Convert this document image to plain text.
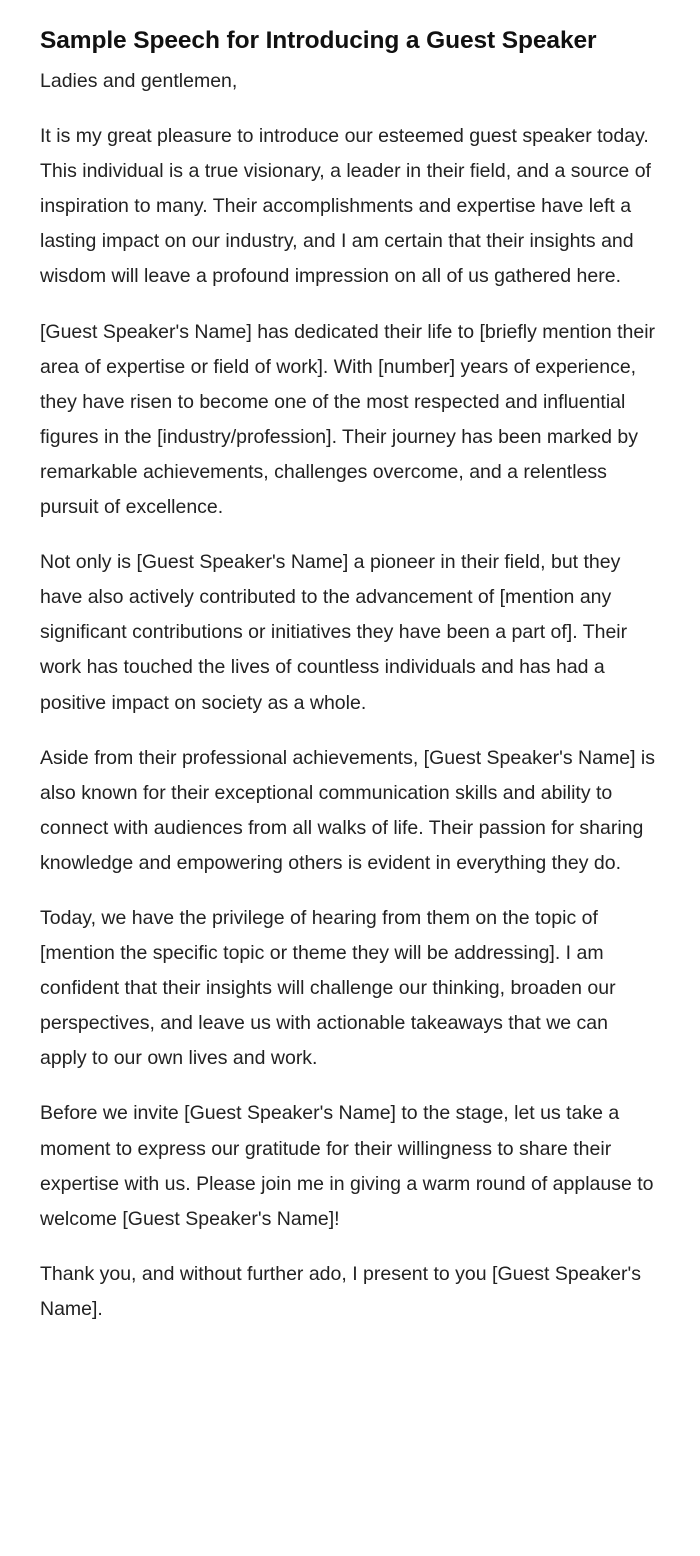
Sample Speech for Introducing a Guest Speaker

Ladies and gentlemen,

It is my great pleasure to introduce our esteemed guest speaker today. This individual is a true visionary, a leader in their field, and a source of inspiration to many. Their accomplishments and expertise have left a lasting impact on our industry, and I am certain that their insights and wisdom will leave a profound impression on all of us gathered here.

[Guest Speaker's Name] has dedicated their life to [briefly mention their area of expertise or field of work]. With [number] years of experience, they have risen to become one of the most respected and influential figures in the [industry/profession]. Their journey has been marked by remarkable achievements, challenges overcome, and a relentless pursuit of excellence.

Not only is [Guest Speaker's Name] a pioneer in their field, but they have also actively contributed to the advancement of [mention any significant contributions or initiatives they have been a part of]. Their work has touched the lives of countless individuals and has had a positive impact on society as a whole.

Aside from their professional achievements, [Guest Speaker's Name] is also known for their exceptional communication skills and ability to connect with audiences from all walks of life. Their passion for sharing knowledge and empowering others is evident in everything they do.

Today, we have the privilege of hearing from them on the topic of [mention the specific topic or theme they will be addressing]. I am confident that their insights will challenge our thinking, broaden our perspectives, and leave us with actionable takeaways that we can apply to our own lives and work.

Before we invite [Guest Speaker's Name] to the stage, let us take a moment to express our gratitude for their willingness to share their expertise with us. Please join me in giving a warm round of applause to welcome [Guest Speaker's Name]!

Thank you, and without further ado, I present to you [Guest Speaker's Name].
